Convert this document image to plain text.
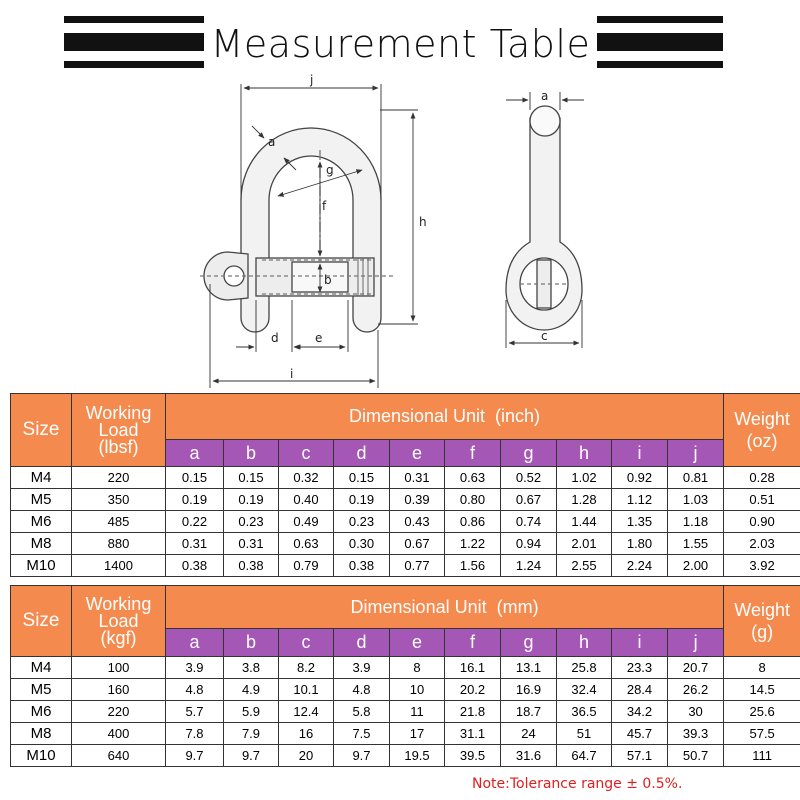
Measurement Table
j
a
g
f
h
b
d	e
i
a
c
Size	Working
Load
(lbsf)	Dimensional Unit  (inch)										Weight
(oz)
		a	b	c	d	e	f	g	h	i	j	
M4	220	0.15	0.15	0.32	0.15	0.31	0.63	0.52	1.02	0.92	0.81	0.28
M5	350	0.19	0.19	0.40	0.19	0.39	0.80	0.67	1.28	1.12	1.03	0.51
M6	485	0.22	0.23	0.49	0.23	0.43	0.86	0.74	1.44	1.35	1.18	0.90
M8	880	0.31	0.31	0.63	0.30	0.67	1.22	0.94	2.01	1.80	1.55	2.03
M10	1400	0.38	0.38	0.79	0.38	0.77	1.56	1.24	2.55	2.24	2.00	3.92
Size	Working
Load
(kgf)	Dimensional Unit  (mm)										Weight
(g)
		a	b	c	d	e	f	g	h	i	j	
M4	100	3.9	3.8	8.2	3.9	8	16.1	13.1	25.8	23.3	20.7	8
M5	160	4.8	4.9	10.1	4.8	10	20.2	16.9	32.4	28.4	26.2	14.5
M6	220	5.7	5.9	12.4	5.8	11	21.8	18.7	36.5	34.2	30	25.6
M8	400	7.8	7.9	16	7.5	17	31.1	24	51	45.7	39.3	57.5
M10	640	9.7	9.7	20	9.7	19.5	39.5	31.6	64.7	57.1	50.7	111
Note:Tolerance range ± 0.5%.
